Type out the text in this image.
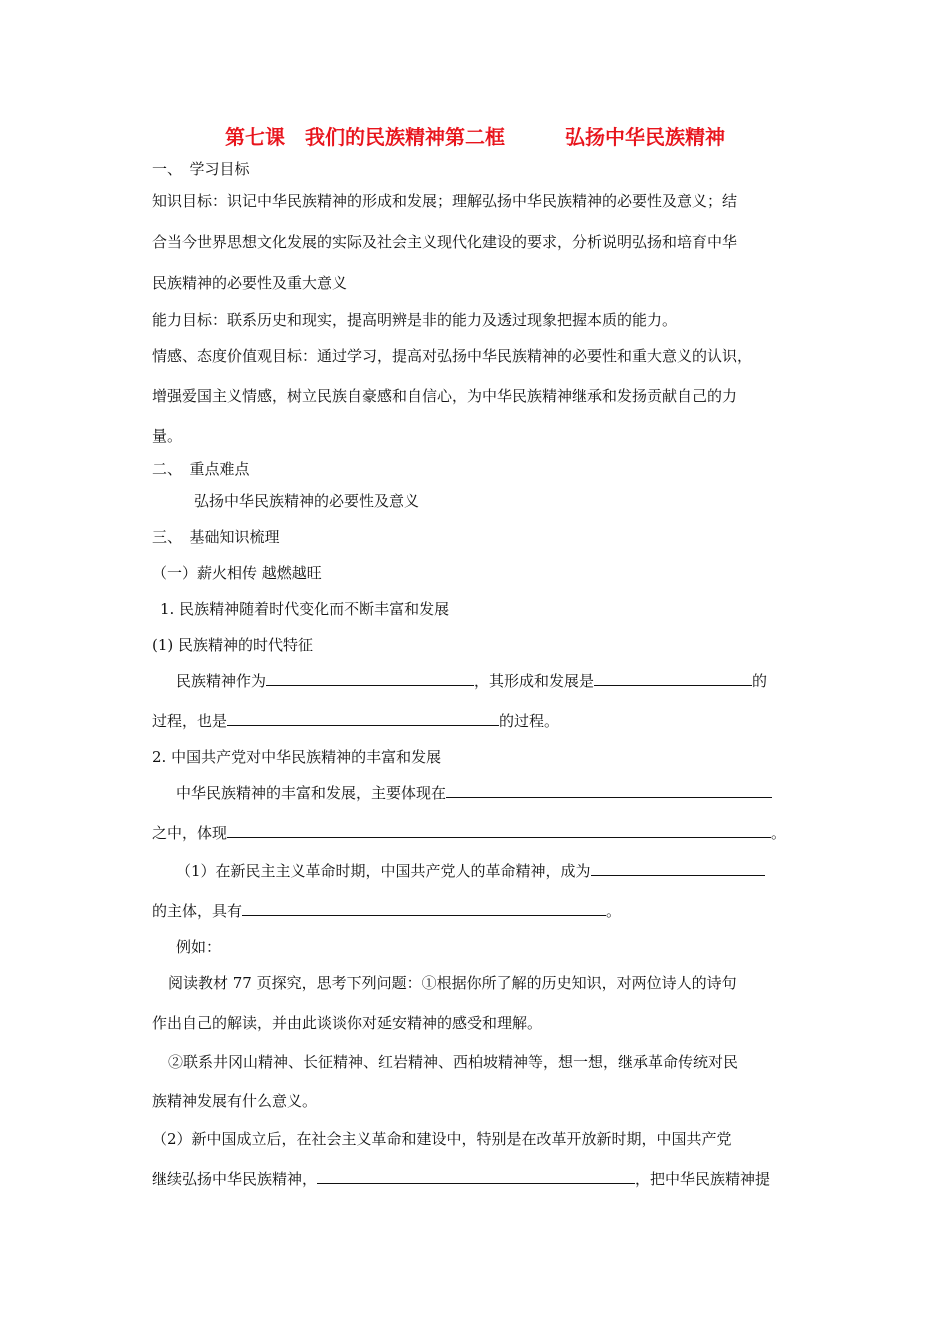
第七课　我们的民族精神第二框　　　弘扬中华民族精神
一、　学习目标
知识目标：识记中华民族精神的形成和发展；理解弘扬中华民族精神的必要性及意义；结
合当今世界思想文化发展的实际及社会主义现代化建设的要求，分析说明弘扬和培育中华
民族精神的必要性及重大意义
能力目标：联系历史和现实，提高明辨是非的能力及透过现象把握本质的能力。
情感、态度价值观目标：通过学习，提高对弘扬中华民族精神的必要性和重大意义的认识，
增强爱国主义情感，树立民族自豪感和自信心，为中华民族精神继承和发扬贡献自己的力
量。
二、　重点难点
弘扬中华民族精神的必要性及意义
三、　基础知识梳理
（一）薪火相传 越燃越旺
1. 民族精神随着时代变化而不断丰富和发展
(1) 民族精神的时代特征
民族精神作为	，其形成和发展是	的
过程，也是	的过程。
2. 中国共产党对中华民族精神的丰富和发展
中华民族精神的丰富和发展，主要体现在
之中，体现	。
（1）在新民主主义革命时期，中国共产党人的革命精神，成为
的主体，具有	。
例如：
阅读教材 77 页探究，思考下列问题：①根据你所了解的历史知识，对两位诗人的诗句
作出自己的解读，并由此谈谈你对延安精神的感受和理解。
②联系井冈山精神、长征精神、红岩精神、西柏坡精神等，想一想，继承革命传统对民
族精神发展有什么意义。
（2）新中国成立后，在社会主义革命和建设中，特别是在改革开放新时期，中国共产党
继续弘扬中华民族精神，	，把中华民族精神提
